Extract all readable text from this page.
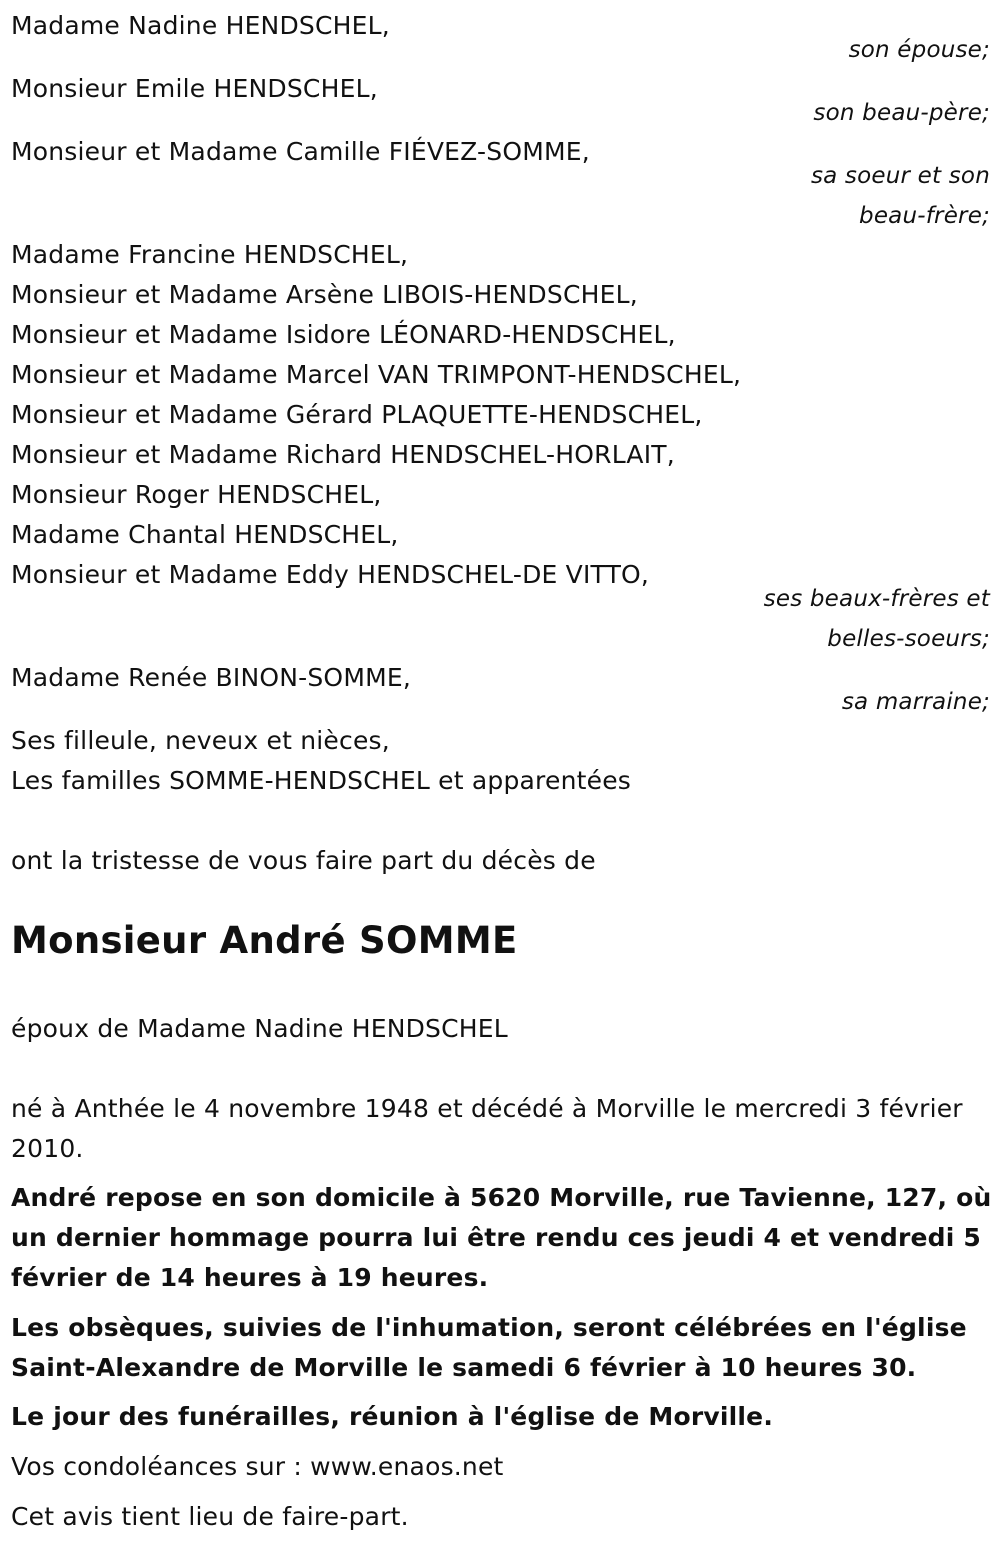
Madame Nadine HENDSCHEL,

son épouse;

Monsieur Emile HENDSCHEL,

son beau-père;

Monsieur et Madame Camille FIÉVEZ-SOMME,

sa soeur et son

beau-frère;

Madame Francine HENDSCHEL,

Monsieur et Madame Arsène LIBOIS-HENDSCHEL,

Monsieur et Madame Isidore LÉONARD-HENDSCHEL,

Monsieur et Madame Marcel VAN TRIMPONT-HENDSCHEL,

Monsieur et Madame Gérard PLAQUETTE-HENDSCHEL,

Monsieur et Madame Richard HENDSCHEL-HORLAIT,

Monsieur Roger HENDSCHEL,

Madame Chantal HENDSCHEL,

Monsieur et Madame Eddy HENDSCHEL-DE VITTO,

ses beaux-frères et

belles-soeurs;

Madame Renée BINON-SOMME,

sa marraine;

Ses filleule, neveux et nièces,

Les familles SOMME-HENDSCHEL et apparentées

ont la tristesse de vous faire part du décès de

Monsieur André SOMME

époux de Madame Nadine HENDSCHEL

né à Anthée le 4 novembre 1948 et décédé à Morville le mercredi 3 février 2010.

André repose en son domicile à 5620 Morville, rue Tavienne, 127, où un dernier hommage pourra lui être rendu ces jeudi 4 et vendredi 5 février de 14 heures à 19 heures.

Les obsèques, suivies de l'inhumation, seront célébrées en l'église Saint-Alexandre de Morville le samedi 6 février à 10 heures 30.

Le jour des funérailles, réunion à l'église de Morville.

Vos condoléances sur : www.enaos.net

Cet avis tient lieu de faire-part.
